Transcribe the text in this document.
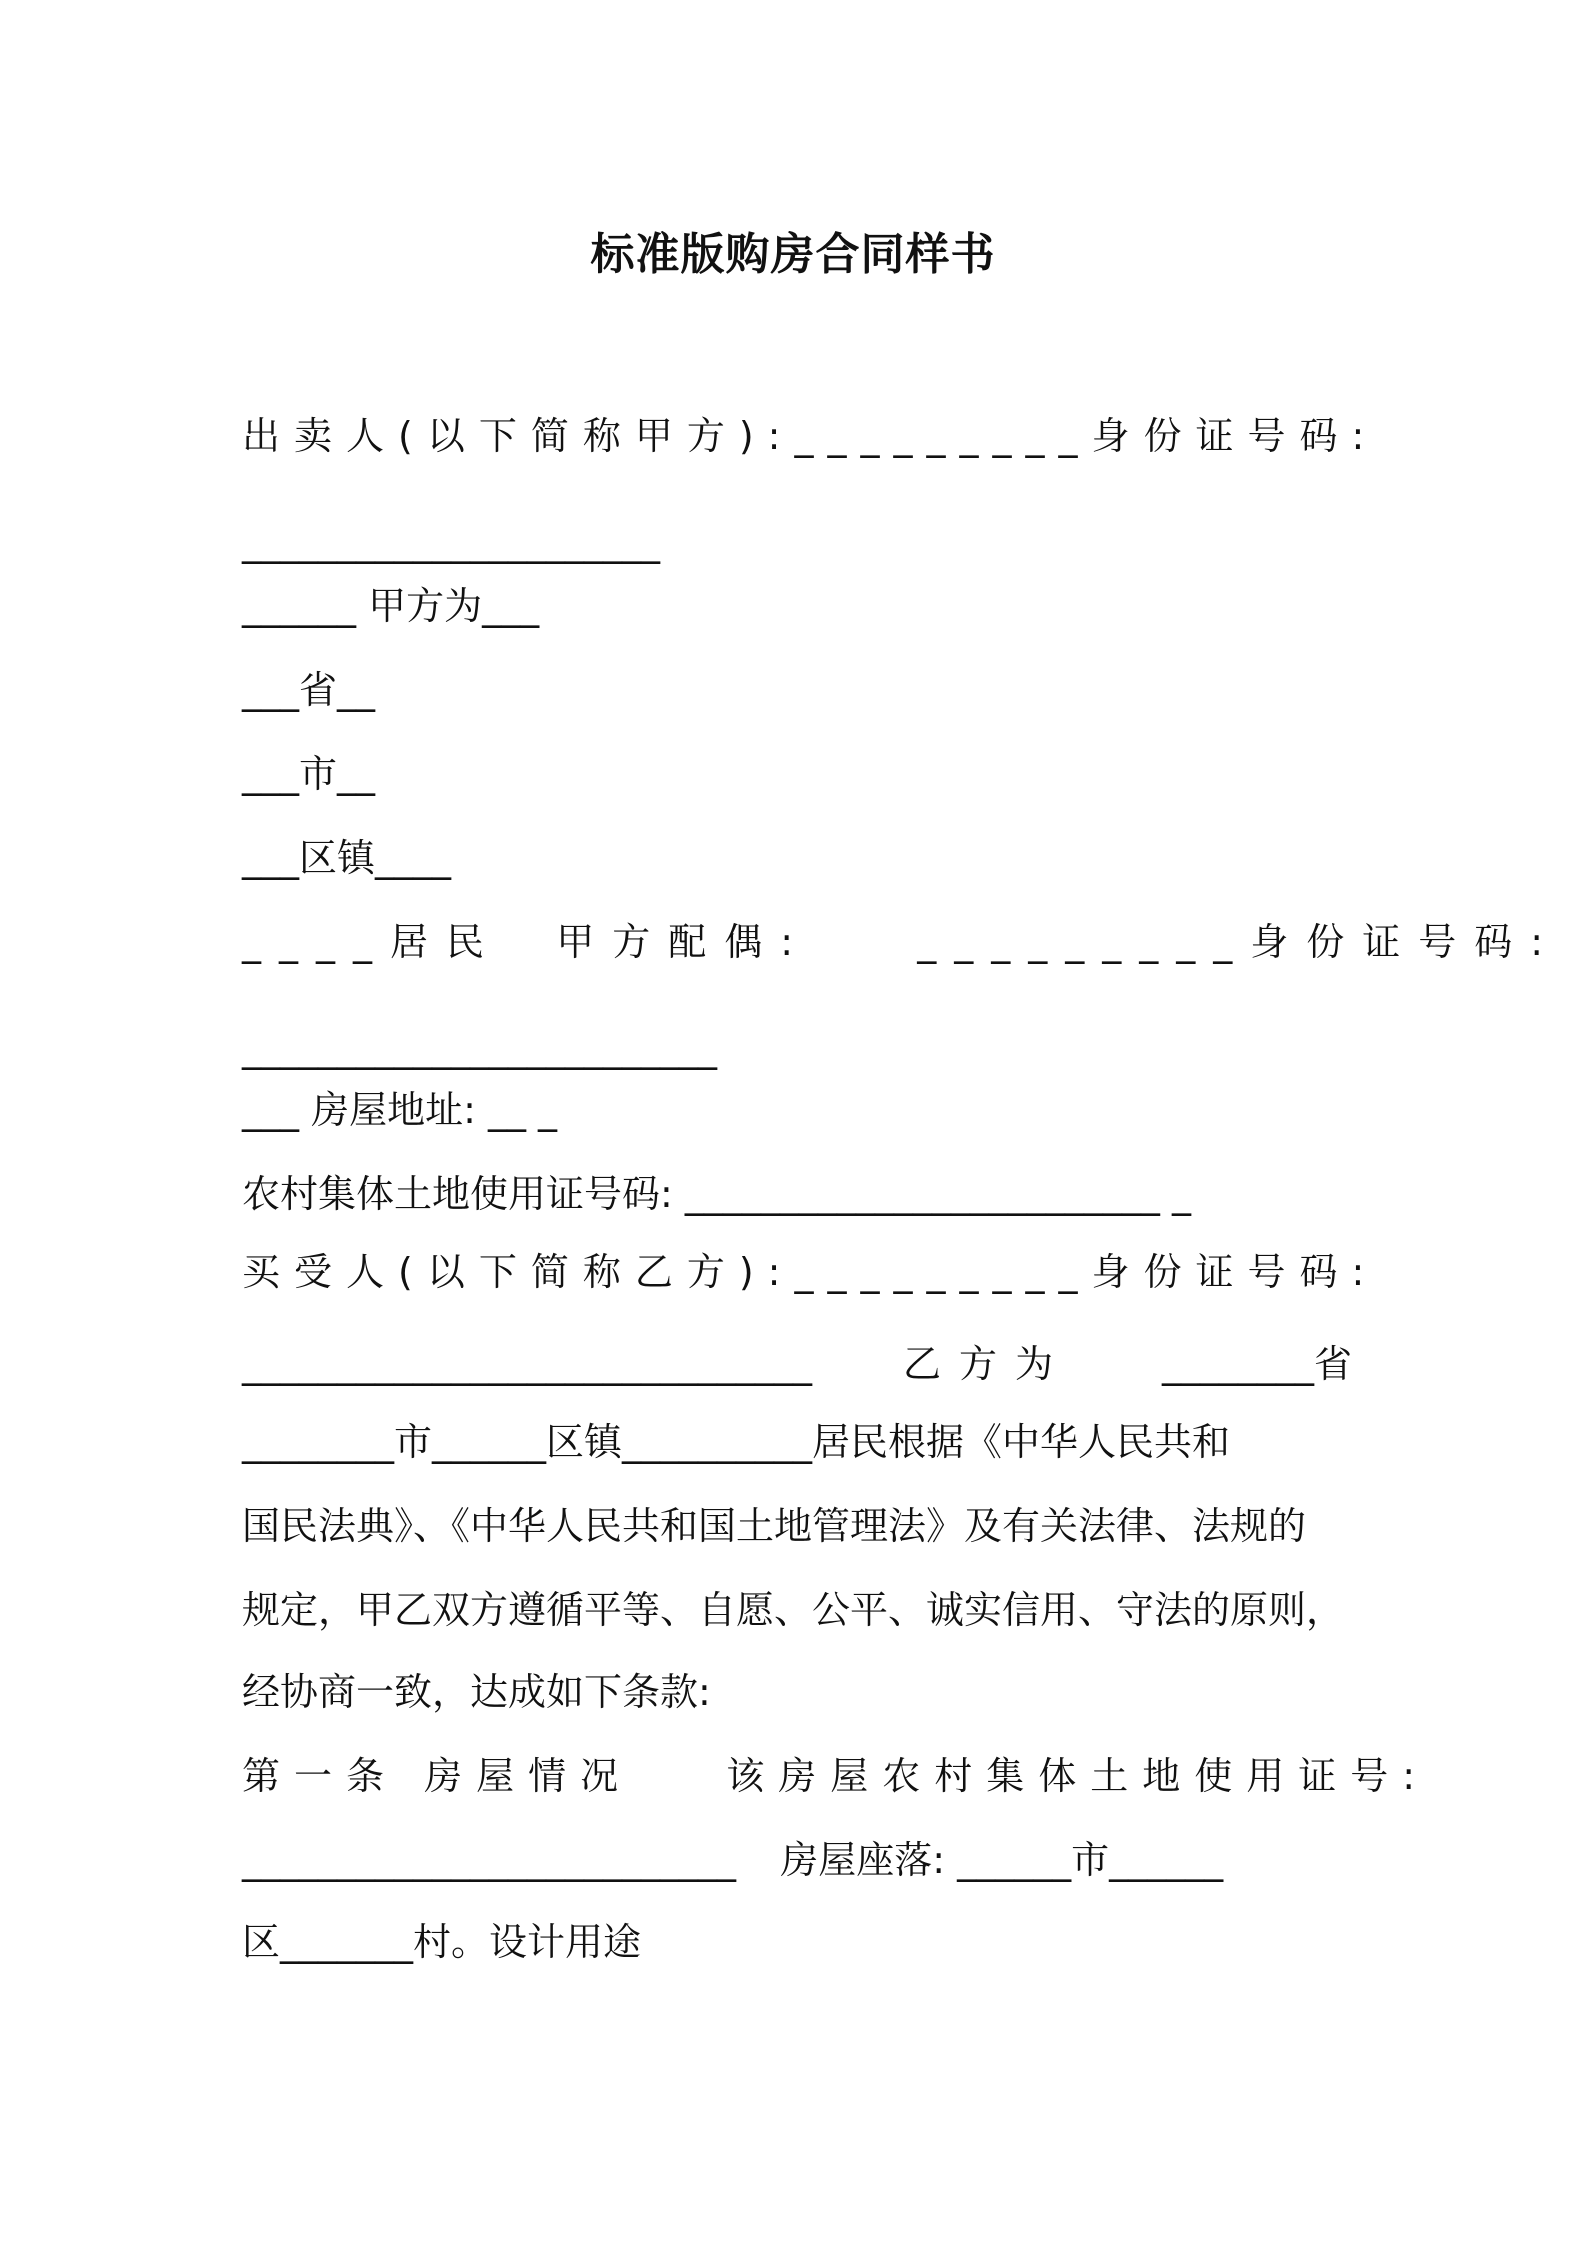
标准版购房合同样书
出卖人(以下简称甲方): _________身份证号码:
______________________
______ 甲方为___
___省__
___市__
___区镇____
____居民 甲方配偶:	_________身份证号码:
_________________________
___ 房屋地址: __ _
农村集体土地使用证号码: _________________________ _
买受人(以下简称乙方): _________身份证号码:
______________________________ 乙方为 ________省
________市______区镇__________居民根据《中华人民共和
国民法典》、《中华人民共和国土地管理法》及有关法律、法规的
规定，甲乙双方遵循平等、自愿、公平、诚实信用、守法的原则，
经协商一致，达成如下条款:
第一条 房屋情况 该房屋农村集体土地使用证号:
__________________________ 房屋座落: ______市______
区_______村。设计用途
